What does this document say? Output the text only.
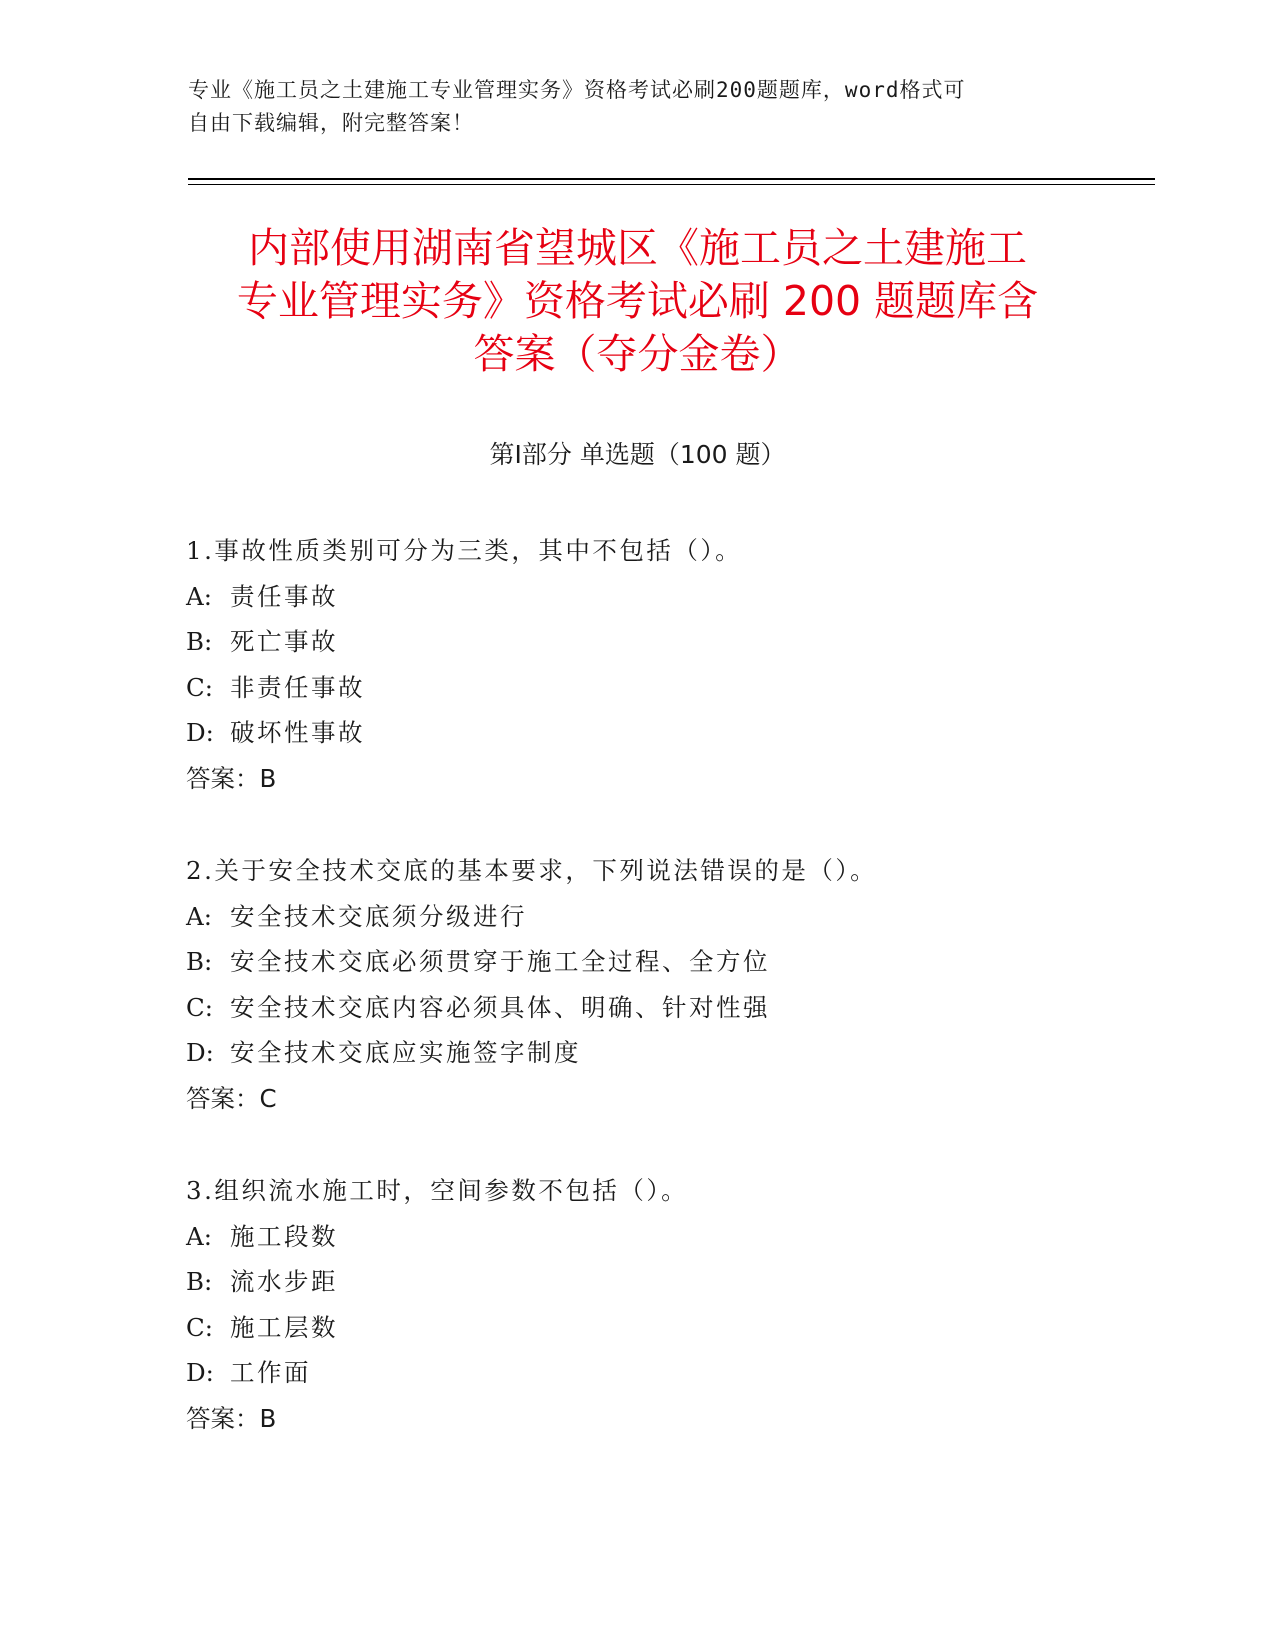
专业《施工员之土建施工专业管理实务》资格考试必刷200题题库，word格式可
自由下载编辑，附完整答案！
内部使用湖南省望城区《施工员之土建施工
专业管理实务》资格考试必刷 200 题题库含
答案（夺分金卷）
第Ⅰ部分 单选题（100 题）
1.事故性质类别可分为三类，其中不包括（）。
A: 责任事故
B: 死亡事故
C: 非责任事故
D: 破坏性事故
答案：B
2.关于安全技术交底的基本要求，下列说法错误的是（）。
A: 安全技术交底须分级进行
B: 安全技术交底必须贯穿于施工全过程、全方位
C: 安全技术交底内容必须具体、明确、针对性强
D: 安全技术交底应实施签字制度
答案：C
3.组织流水施工时，空间参数不包括（）。
A: 施工段数
B: 流水步距
C: 施工层数
D: 工作面
答案：B
